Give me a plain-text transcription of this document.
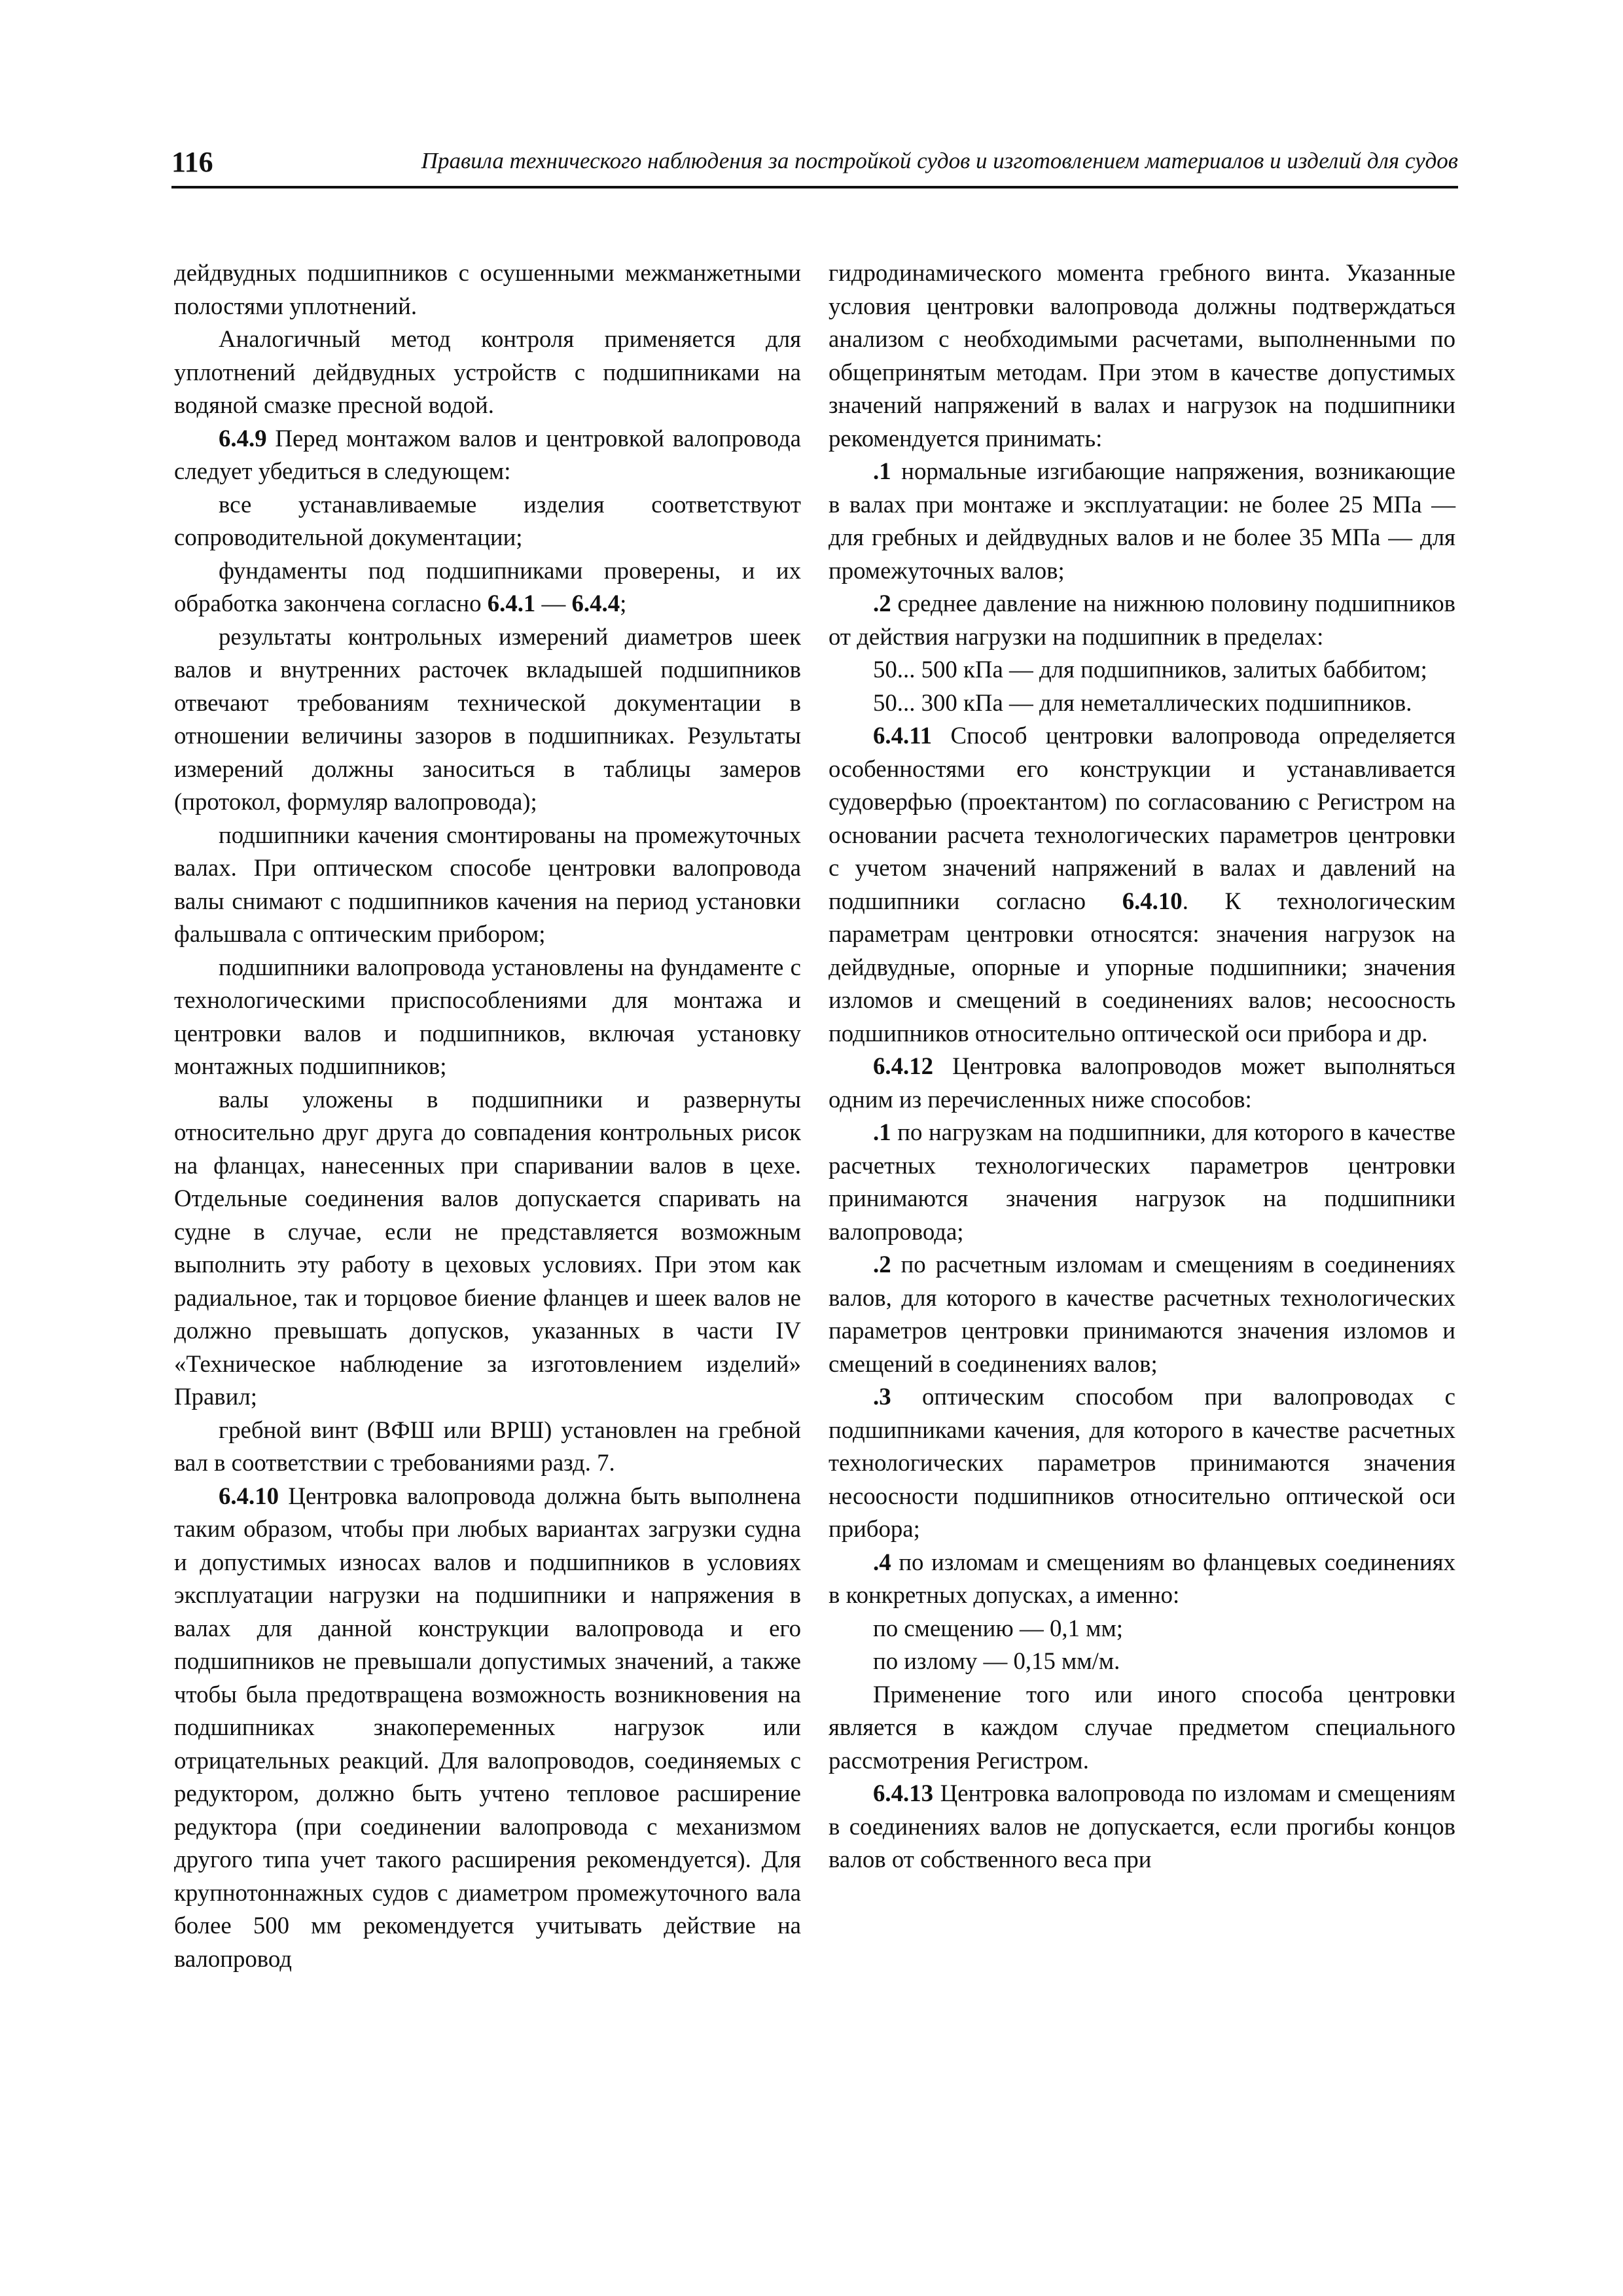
116	Правила технического наблюдения за постройкой судов и изготовлением материалов и изделий для судов

дейдвудных подшипников с осушенными межманжетными полостями уплотнений.

Аналогичный метод контроля применяется для уплотнений дейдвудных устройств с подшипниками на водяной смазке пресной водой.

6.4.9 Перед монтажом валов и центровкой валопровода следует убедиться в следующем:

все устанавливаемые изделия соответствуют сопроводительной документации;

фундаменты под подшипниками проверены, и их обработка закончена согласно 6.4.1 — 6.4.4;

результаты контрольных измерений диаметров шеек валов и внутренних расточек вкладышей подшипников отвечают требованиям технической документации в отношении величины зазоров в подшипниках. Результаты измерений должны заноситься в таблицы замеров (протокол, формуляр валопровода);

подшипники качения смонтированы на промежуточных валах. При оптическом способе центровки валопровода валы снимают с подшипников качения на период установки фальшвала с оптическим прибором;

подшипники валопровода установлены на фундаменте с технологическими приспособлениями для монтажа и центровки валов и подшипников, включая установку монтажных подшипников;

валы уложены в подшипники и развернуты относительно друг друга до совпадения контрольных рисок на фланцах, нанесенных при спаривании валов в цехе. Отдельные соединения валов допускается спаривать на судне в случае, если не представляется возможным выполнить эту работу в цеховых условиях. При этом как радиальное, так и торцовое биение фланцев и шеек валов не должно превышать допусков, указанных в части IV «Техническое наблюдение за изготовлением изделий» Правил;

гребной винт (ВФШ или ВРШ) установлен на гребной вал в соответствии с требованиями разд. 7.

6.4.10 Центровка валопровода должна быть выполнена таким образом, чтобы при любых вариантах загрузки судна и допустимых износах валов и подшипников в условиях эксплуатации нагрузки на подшипники и напряжения в валах для данной конструкции валопровода и его подшипников не превышали допустимых значений, а также чтобы была предотвращена возможность возникновения на подшипниках знакопеременных нагрузок или отрицательных реакций. Для валопроводов, соединяемых с редуктором, должно быть учтено тепловое расширение редуктора (при соединении валопровода с механизмом другого типа учет такого расширения рекомендуется). Для крупнотоннажных судов с диаметром промежуточного вала более 500 мм рекомендуется учитывать действие на валопровод

гидродинамического момента гребного винта. Указанные условия центровки валопровода должны подтверждаться анализом с необходимыми расчетами, выполненными по общепринятым методам. При этом в качестве допустимых значений напряжений в валах и нагрузок на подшипники рекомендуется принимать:

.1 нормальные изгибающие напряжения, возникающие в валах при монтаже и эксплуатации: не более 25 МПа — для гребных и дейдвудных валов и не более 35 МПа — для промежуточных валов;

.2 среднее давление на нижнюю половину подшипников от действия нагрузки на подшипник в пределах:

50... 500 кПа — для подшипников, залитых баббитом;

50... 300 кПа — для неметаллических подшипников.

6.4.11 Способ центровки валопровода определяется особенностями его конструкции и устанавливается судоверфью (проектантом) по согласованию с Регистром на основании расчета технологических параметров центровки с учетом значений напряжений в валах и давлений на подшипники согласно 6.4.10. К технологическим параметрам центровки относятся: значения нагрузок на дейдвудные, опорные и упорные подшипники; значения изломов и смещений в соединениях валов; несоосность подшипников относительно оптической оси прибора и др.

6.4.12 Центровка валопроводов может выполняться одним из перечисленных ниже способов:

.1 по нагрузкам на подшипники, для которого в качестве расчетных технологических параметров центровки принимаются значения нагрузок на подшипники валопровода;

.2 по расчетным изломам и смещениям в соединениях валов, для которого в качестве расчетных технологических параметров центровки принимаются значения изломов и смещений в соединениях валов;

.3 оптическим способом при валопроводах с подшипниками качения, для которого в качестве расчетных технологических параметров принимаются значения несоосности подшипников относительно оптической оси прибора;

.4 по изломам и смещениям во фланцевых соединениях в конкретных допусках, а именно:

по смещению — 0,1 мм;

по излому — 0,15 мм/м.

Применение того или иного способа центровки является в каждом случае предметом специального рассмотрения Регистром.

6.4.13 Центровка валопровода по изломам и смещениям в соединениях валов не допускается, если прогибы концов валов от собственного веса при
